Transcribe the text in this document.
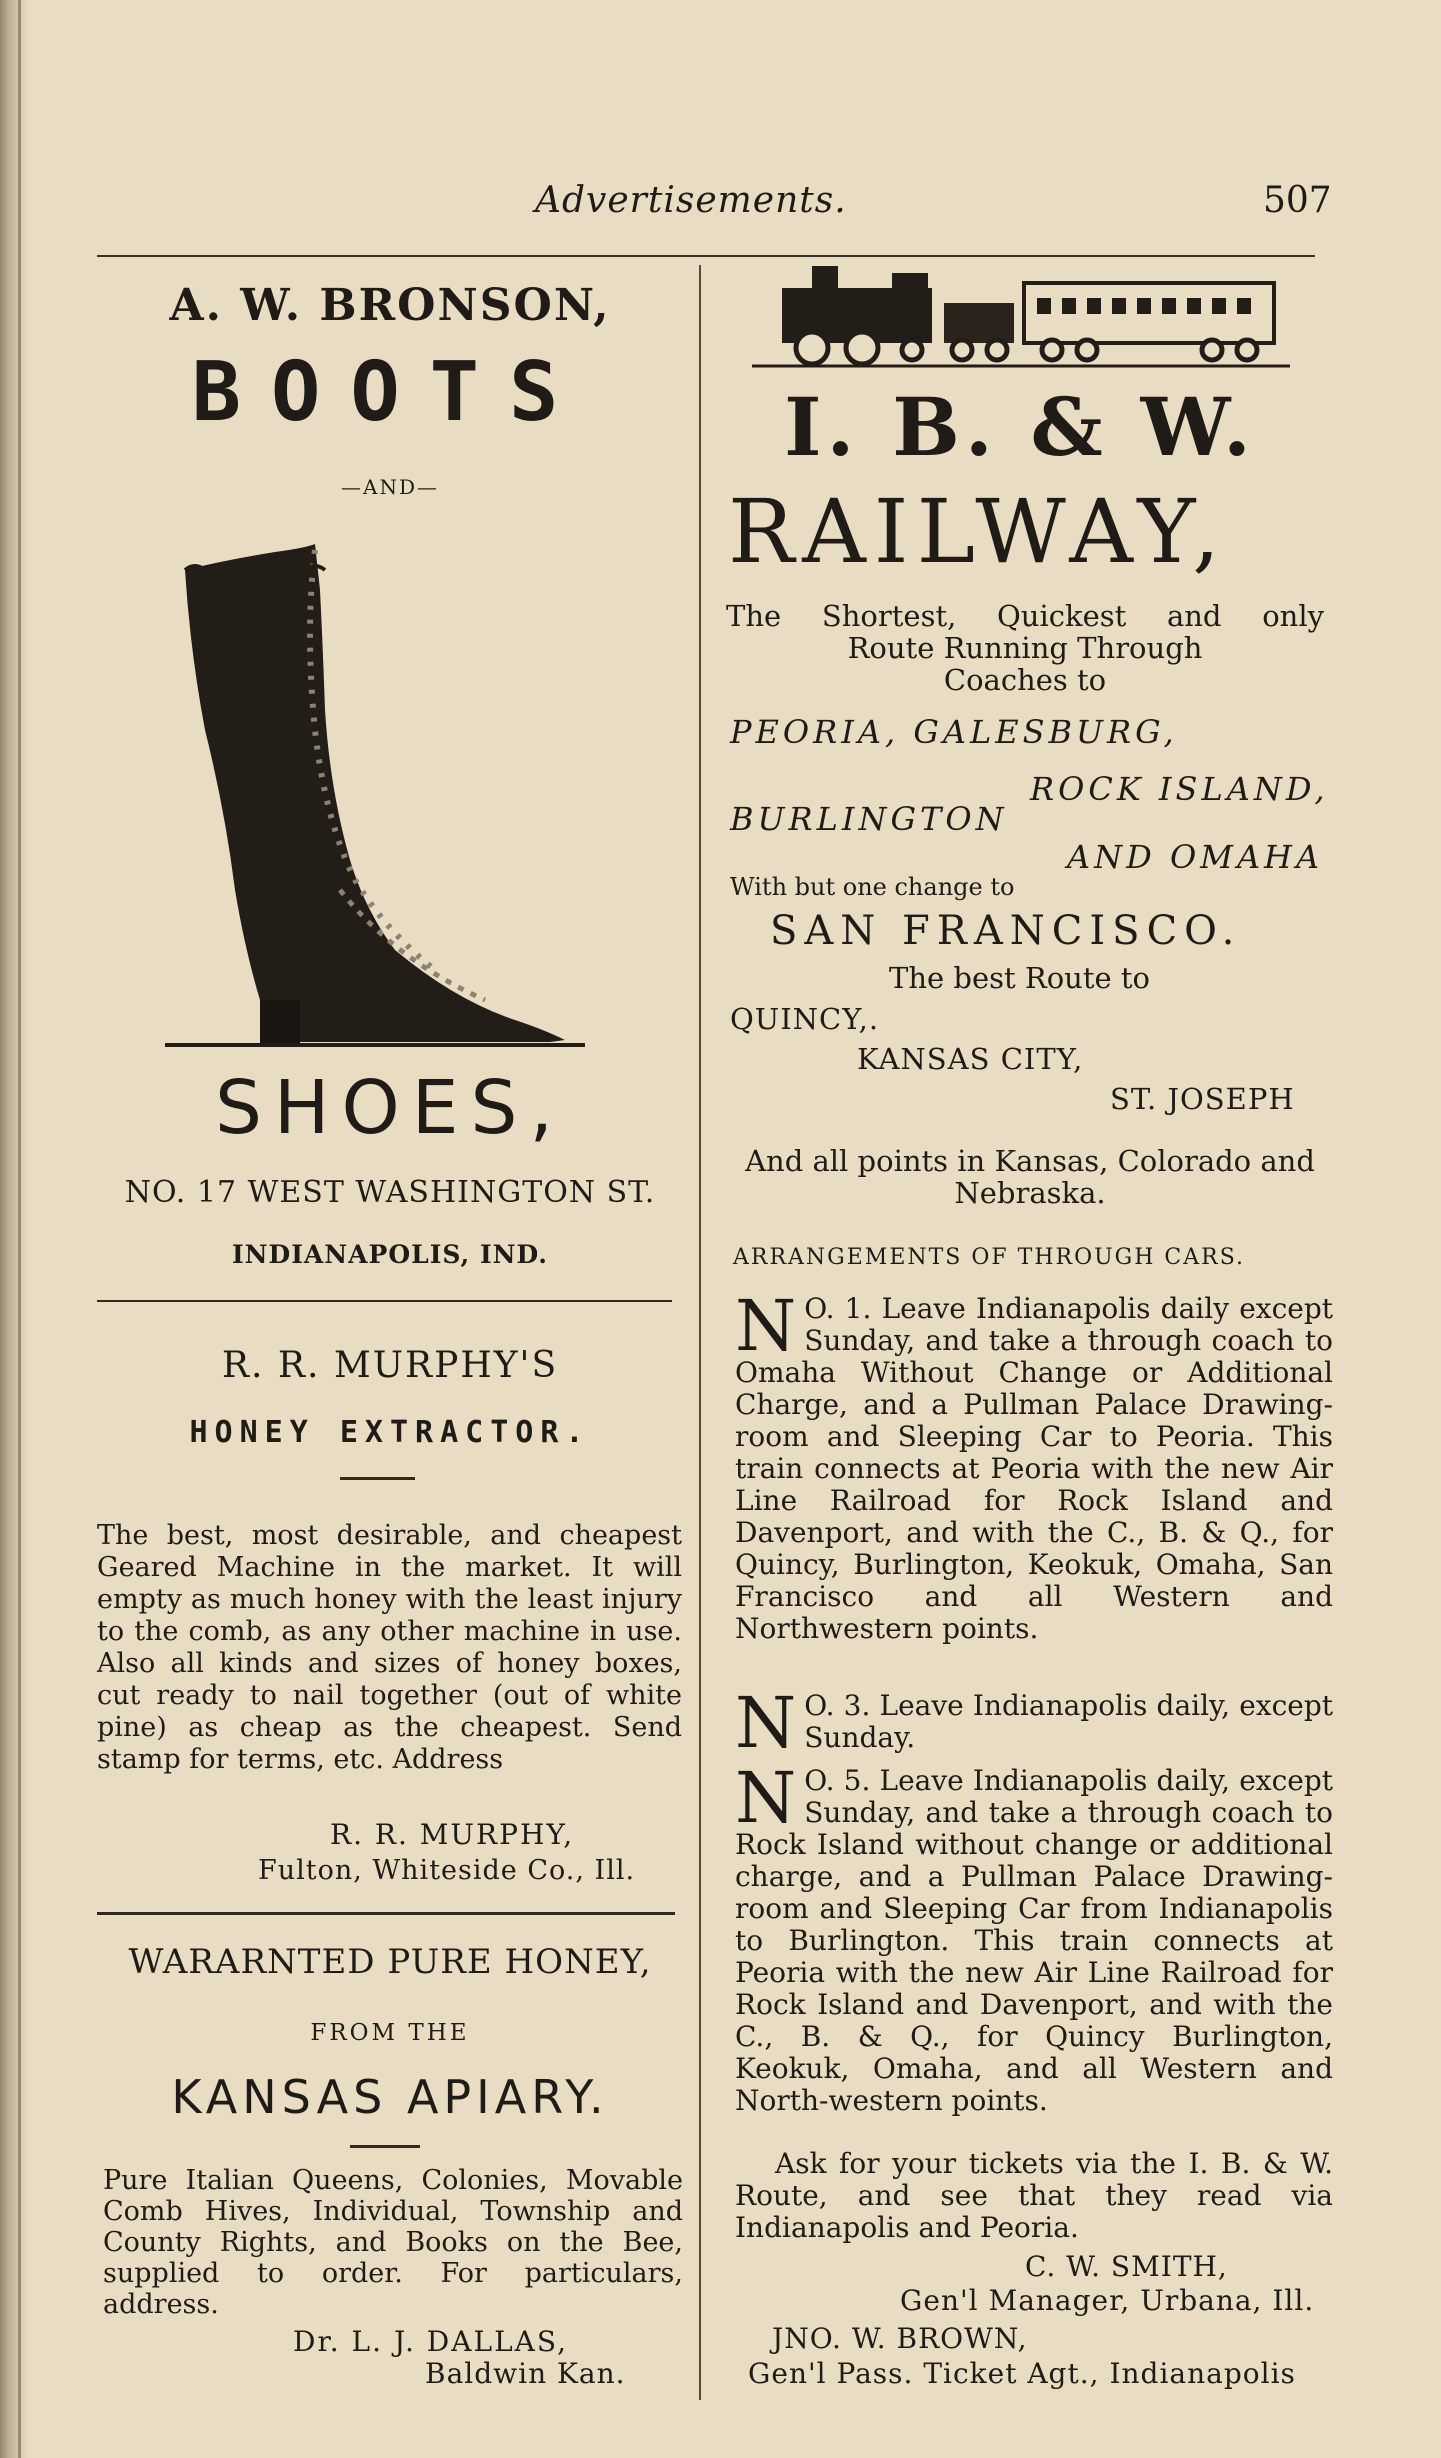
Advertisements.	507
A. W. BRONSON,
BOOTS
—AND—
SHOES,
NO. 17 WEST WASHINGTON ST.
INDIANAPOLIS, IND.
R. R. MURPHY'S
HONEY EXTRACTOR.
The best, most desirable, and cheapest Geared Machine in the market. It will empty as much honey with the least injury to the comb, as any other machine in use. Also all kinds and sizes of honey boxes, cut ready to nail together (out of white pine) as cheap as the cheapest. Send stamp for terms, etc. Address
R. R. MURPHY,
Fulton, Whiteside Co., Ill.
WARARNTED PURE HONEY,
FROM THE
KANSAS APIARY.
Pure Italian Queens, Colonies, Movable Comb Hives, Individual, Township and County Rights, and Books on the Bee, supplied to order. For particulars, address.
Dr. L. J. DALLAS,
Baldwin Kan.
I. B. & W.
RAILWAY,
The Shortest, Quickest and only
Route Running Through
Coaches to
PEORIA, GALESBURG,
ROCK ISLAND,
BURLINGTON
AND OMAHA
With but one change to
SAN FRANCISCO.
The best Route to
QUINCY,.
KANSAS CITY,
ST. JOSEPH
And all points in Kansas, Colorado and Nebraska.
ARRANGEMENTS OF THROUGH CARS.
N O. 1. Leave Indianapolis daily except Sunday, and take a through coach to Omaha Without Change or Additional Charge, and a Pullman Palace Drawing-room and Sleeping Car to Peoria. This train connects at Peoria with the new Air Line Railroad for Rock Island and Davenport, and with the C., B. & Q., for Quincy, Burlington, Keokuk, Omaha, San Francisco and all Western and Northwestern points.
N O. 3. Leave Indianapolis daily, except Sunday.
N O. 5. Leave Indianapolis daily, except Sunday, and take a through coach to Rock Island without change or additional charge, and a Pullman Palace Drawing-room and Sleeping Car from Indianapolis to Burlington. This train connects at Peoria with the new Air Line Railroad for Rock Island and Davenport, and with the C., B. & Q., for Quincy Burlington, Keokuk, Omaha, and all Western and North-western points.
Ask for your tickets via the I. B. & W. Route, and see that they read via Indianapolis and Peoria.
C. W. SMITH,
Gen'l Manager, Urbana, Ill.
JNO. W. BROWN,
Gen'l Pass. Ticket Agt., Indianapolis
